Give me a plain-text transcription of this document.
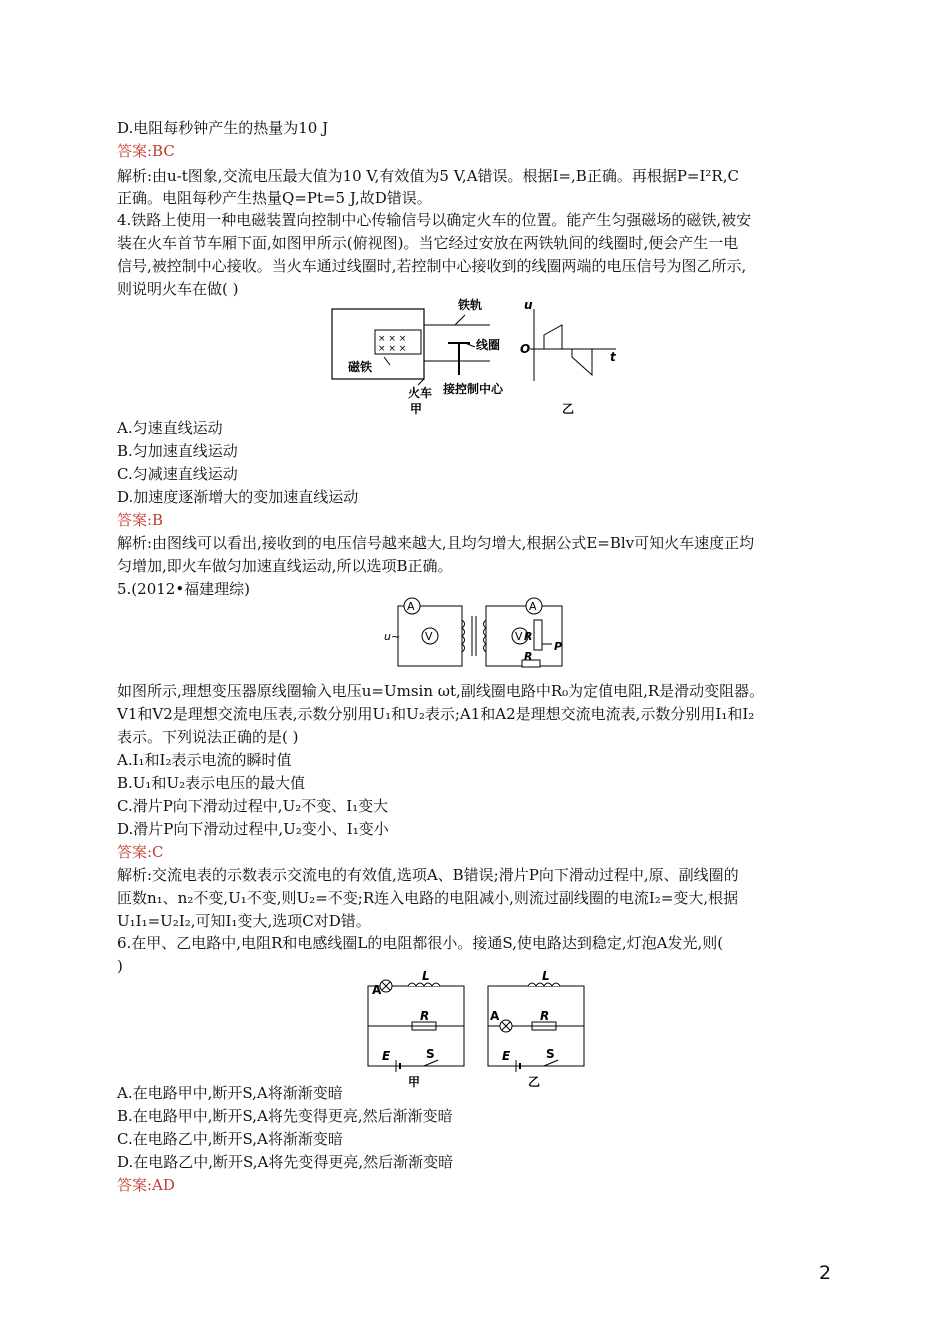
D.电阻每秒钟产生的热量为10 J
答案:BC
解析:由u-t图象,交流电压最大值为10 V,有效值为5 V,A错误。根据I=,B正确。再根据P=I²R,C
正确。电阻每秒产生热量Q=Pt=5 J,故D错误。
4.铁路上使用一种电磁装置向控制中心传输信号以确定火车的位置。能产生匀强磁场的磁铁,被安
装在火车首节车厢下面,如图甲所示(俯视图)。当它经过安放在两铁轨间的线圈时,便会产生一电
信号,被控制中心接收。当火车通过线圈时,若控制中心接收到的线圈两端的电压信号为图乙所示,
则说明火车在做( )
× × ×
× × ×
铁轨
线圈
磁铁
火车 接控制中心
甲
u
O
t
乙
A.匀速直线运动
B.匀加速直线运动
C.匀减速直线运动
D.加速度逐渐增大的变加速直线运动
答案:B
解析:由图线可以看出,接收到的电压信号越来越大,且均匀增大,根据公式E=Blv可知火车速度正均
匀增加,即火车做匀加速直线运动,所以选项B正确。
5.(2012•福建理综)
V	V
A	A
R
R
P
u~
如图所示,理想变压器原线圈输入电压u=Umsin ωt,副线圈电路中R₀为定值电阻,R是滑动变阻器。
V1和V2是理想交流电压表,示数分别用U₁和U₂表示;A1和A2是理想交流电流表,示数分别用I₁和I₂
表示。下列说法正确的是( )
A.I₁和I₂表示电流的瞬时值
B.U₁和U₂表示电压的最大值
C.滑片P向下滑动过程中,U₂不变、I₁变大
D.滑片P向下滑动过程中,U₂变小、I₁变小
答案:C
解析:交流电表的示数表示交流电的有效值,选项A、B错误;滑片P向下滑动过程中,原、副线圈的
匝数n₁、n₂不变,U₁不变,则U₂=不变;R连入电路的电阻减小,则流过副线圈的电流I₂=变大,根据
U₁I₁=U₂I₂,可知I₁变大,选项C对D错。
6.在甲、乙电路中,电阻R和电感线圈L的电阻都很小。接通S,使电路达到稳定,灯泡A发光,则(
)
L
R
A
E	S
甲
L
R
A
E	S
乙
A.在电路甲中,断开S,A将渐渐变暗
B.在电路甲中,断开S,A将先变得更亮,然后渐渐变暗
C.在电路乙中,断开S,A将渐渐变暗
D.在电路乙中,断开S,A将先变得更亮,然后渐渐变暗
答案:AD
2
